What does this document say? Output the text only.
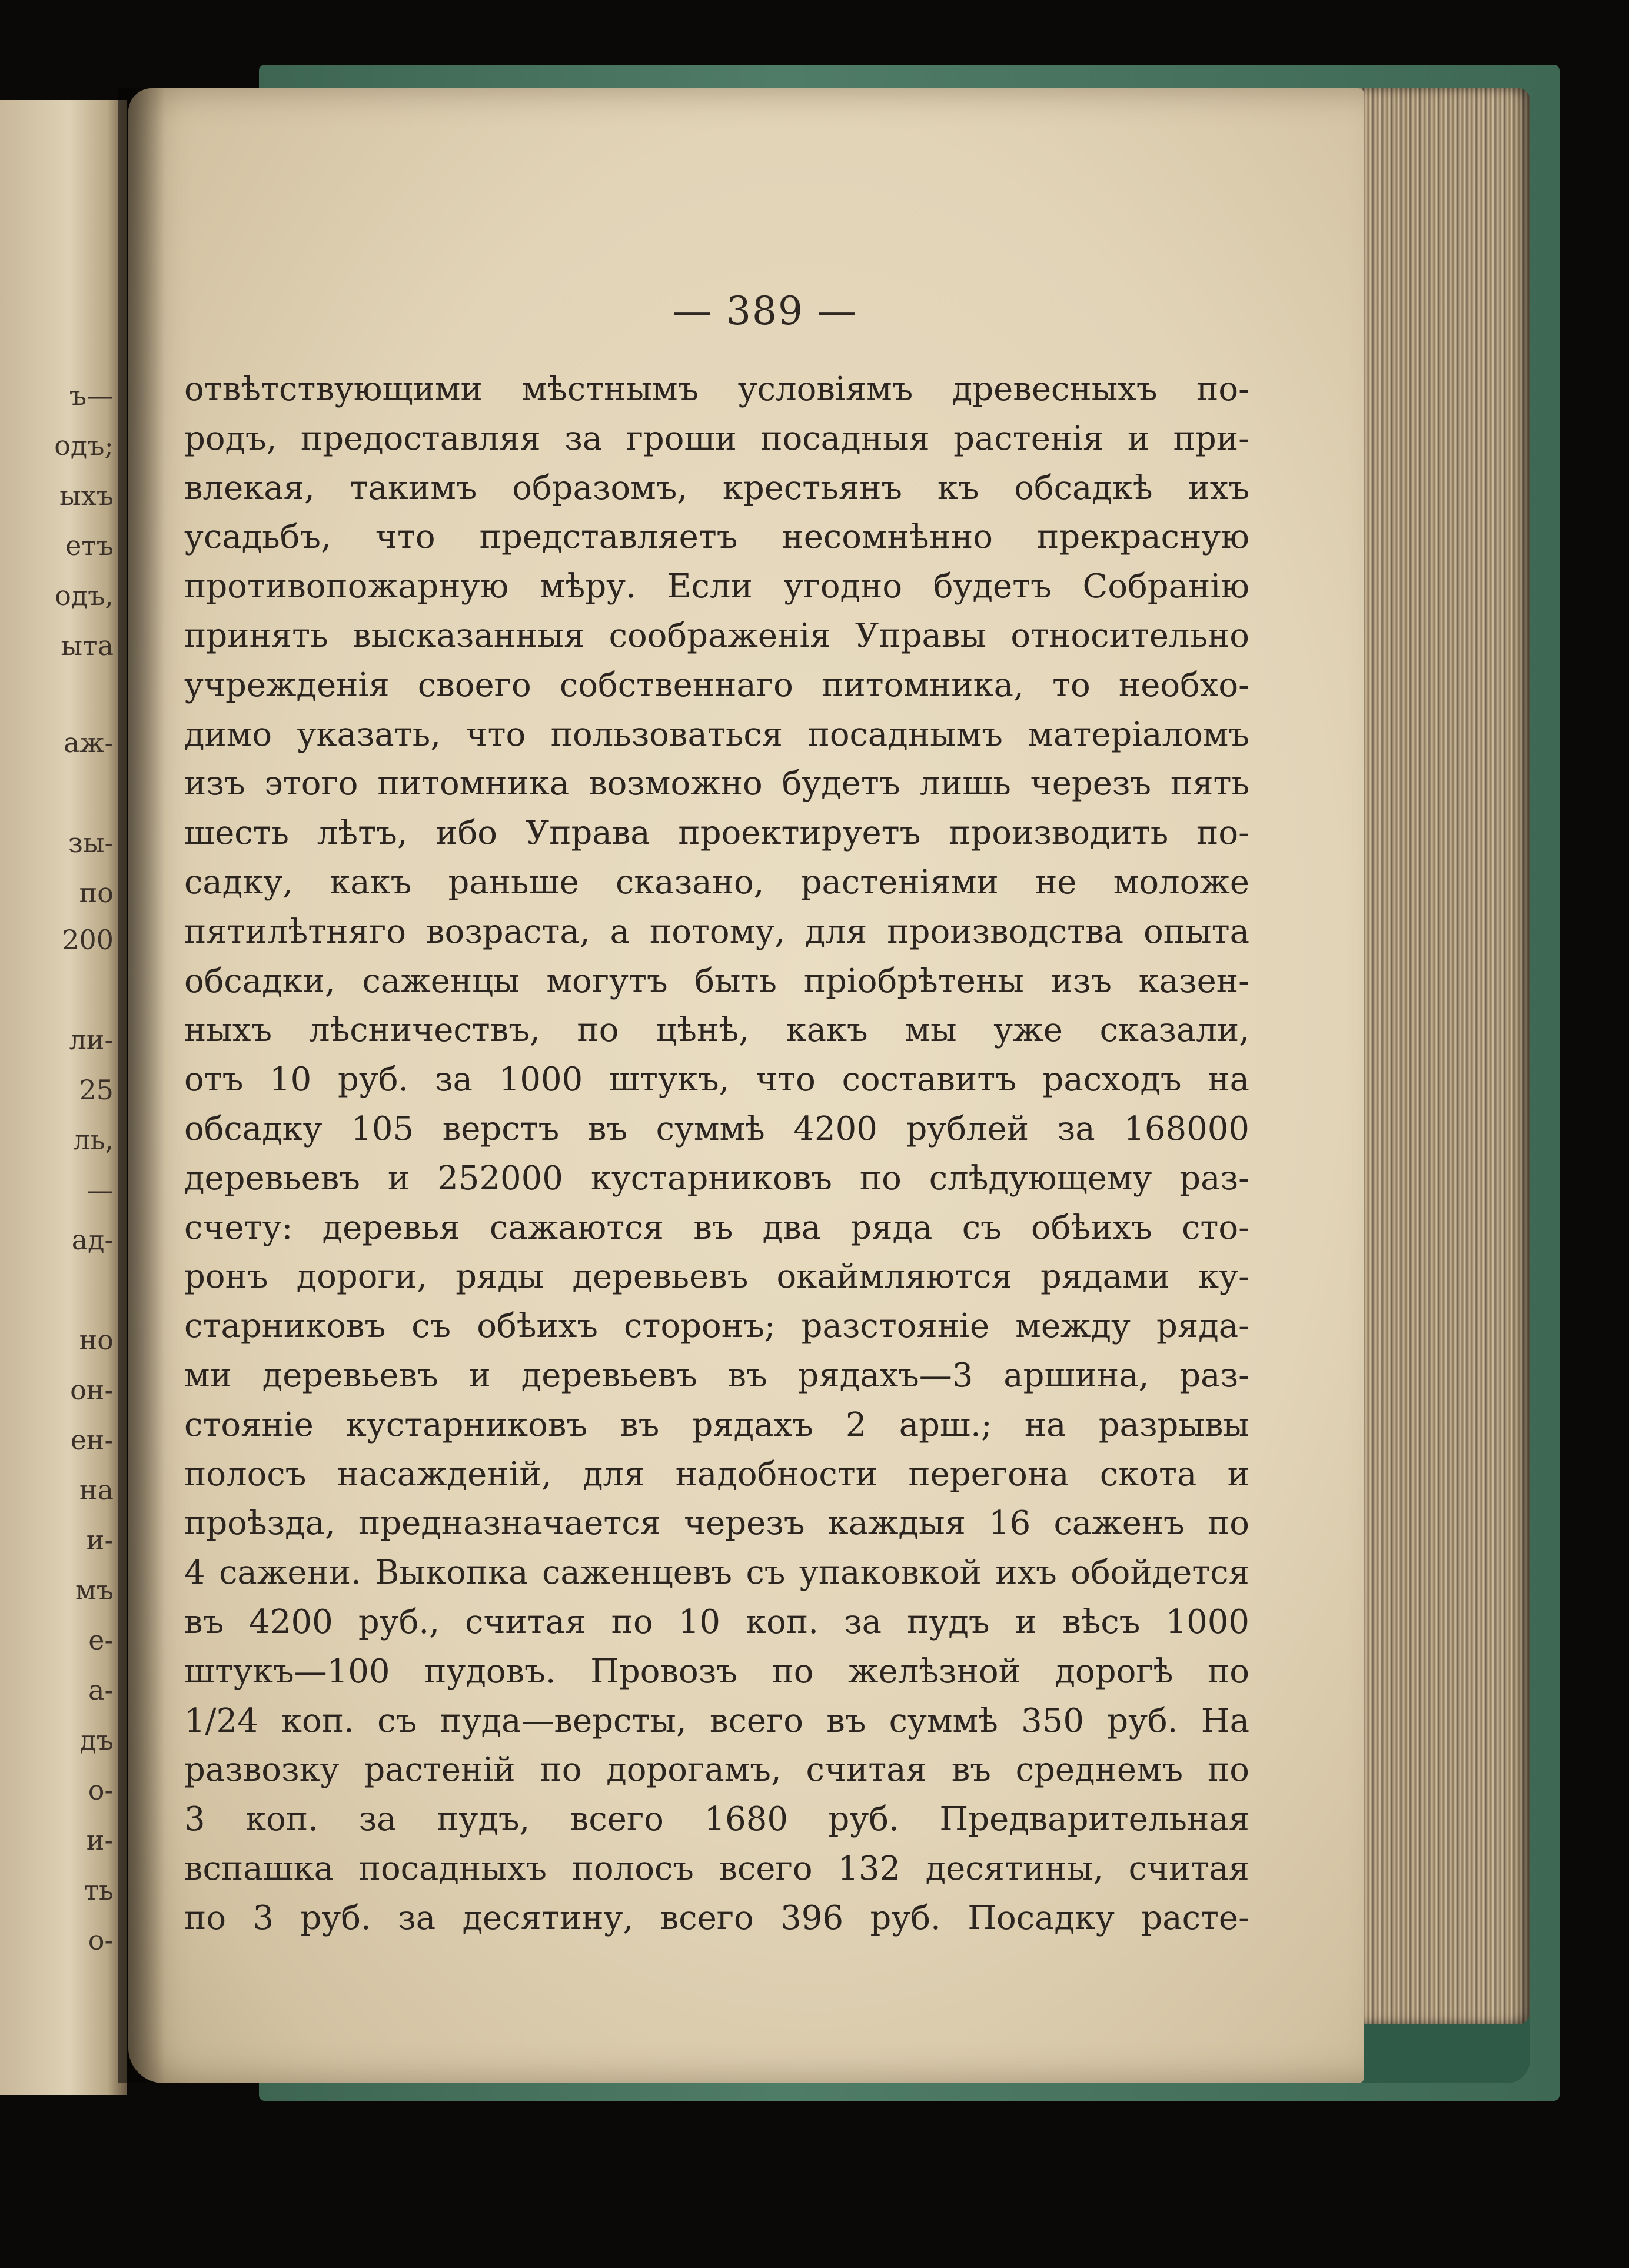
ъ—
одъ;
ыхъ
етъ
одъ,
ыта
аж-
зы-
по
200
ли-
25
ль,
—
ад-
но
он-
ен-
на
и-
мъ
е-
а-
дъ
о-
и-
ть
о-
— 389 —
отвѣтствующими мѣстнымъ условіямъ древесныхъ по-
родъ, предоставляя за гроши посадныя растенія и при-
влекая, такимъ образомъ, крестьянъ къ обсадкѣ ихъ
усадьбъ, что представляетъ несомнѣнно прекрасную
противопожарную мѣру. Если угодно будетъ Собранію
принять высказанныя соображенія Управы относительно
учрежденія своего собственнаго питомника, то необхо-
димо указать, что пользоваться посаднымъ матеріаломъ
изъ этого питомника возможно будетъ лишь черезъ пять
шесть лѣтъ, ибо Управа проектируетъ производить по-
садку, какъ раньше сказано, растеніями не моложе
пятилѣтняго возраста, а потому, для производства опыта
обсадки, саженцы могутъ быть пріобрѣтены изъ казен-
ныхъ лѣсничествъ, по цѣнѣ, какъ мы уже сказали,
отъ 10 руб. за 1000 штукъ, что составитъ расходъ на
обсадку 105 верстъ въ суммѣ 4200 рублей за 168000
деревьевъ и 252000 кустарниковъ по слѣдующему раз-
счету: деревья сажаются въ два ряда съ обѣихъ сто-
ронъ дороги, ряды деревьевъ окаймляются рядами ку-
старниковъ съ обѣихъ сторонъ; разстояніе между ряда-
ми деревьевъ и деревьевъ въ рядахъ—3 аршина, раз-
стояніе кустарниковъ въ рядахъ 2 арш.; на разрывы
полосъ насажденій, для надобности перегона скота и
проѣзда, предназначается черезъ каждыя 16 саженъ по
4 сажени. Выкопка саженцевъ съ упаковкой ихъ обойдется
въ 4200 руб., считая по 10 коп. за пудъ и вѣсъ 1000
штукъ—100 пудовъ. Провозъ по желѣзной дорогѣ по
1/24 коп. съ пуда—версты, всего въ суммѣ 350 руб. На
развозку растеній по дорогамъ, считая въ среднемъ по
3 коп. за пудъ, всего 1680 руб. Предварительная
вспашка посадныхъ полосъ всего 132 десятины, считая
по 3 руб. за десятину, всего 396 руб. Посадку расте-
